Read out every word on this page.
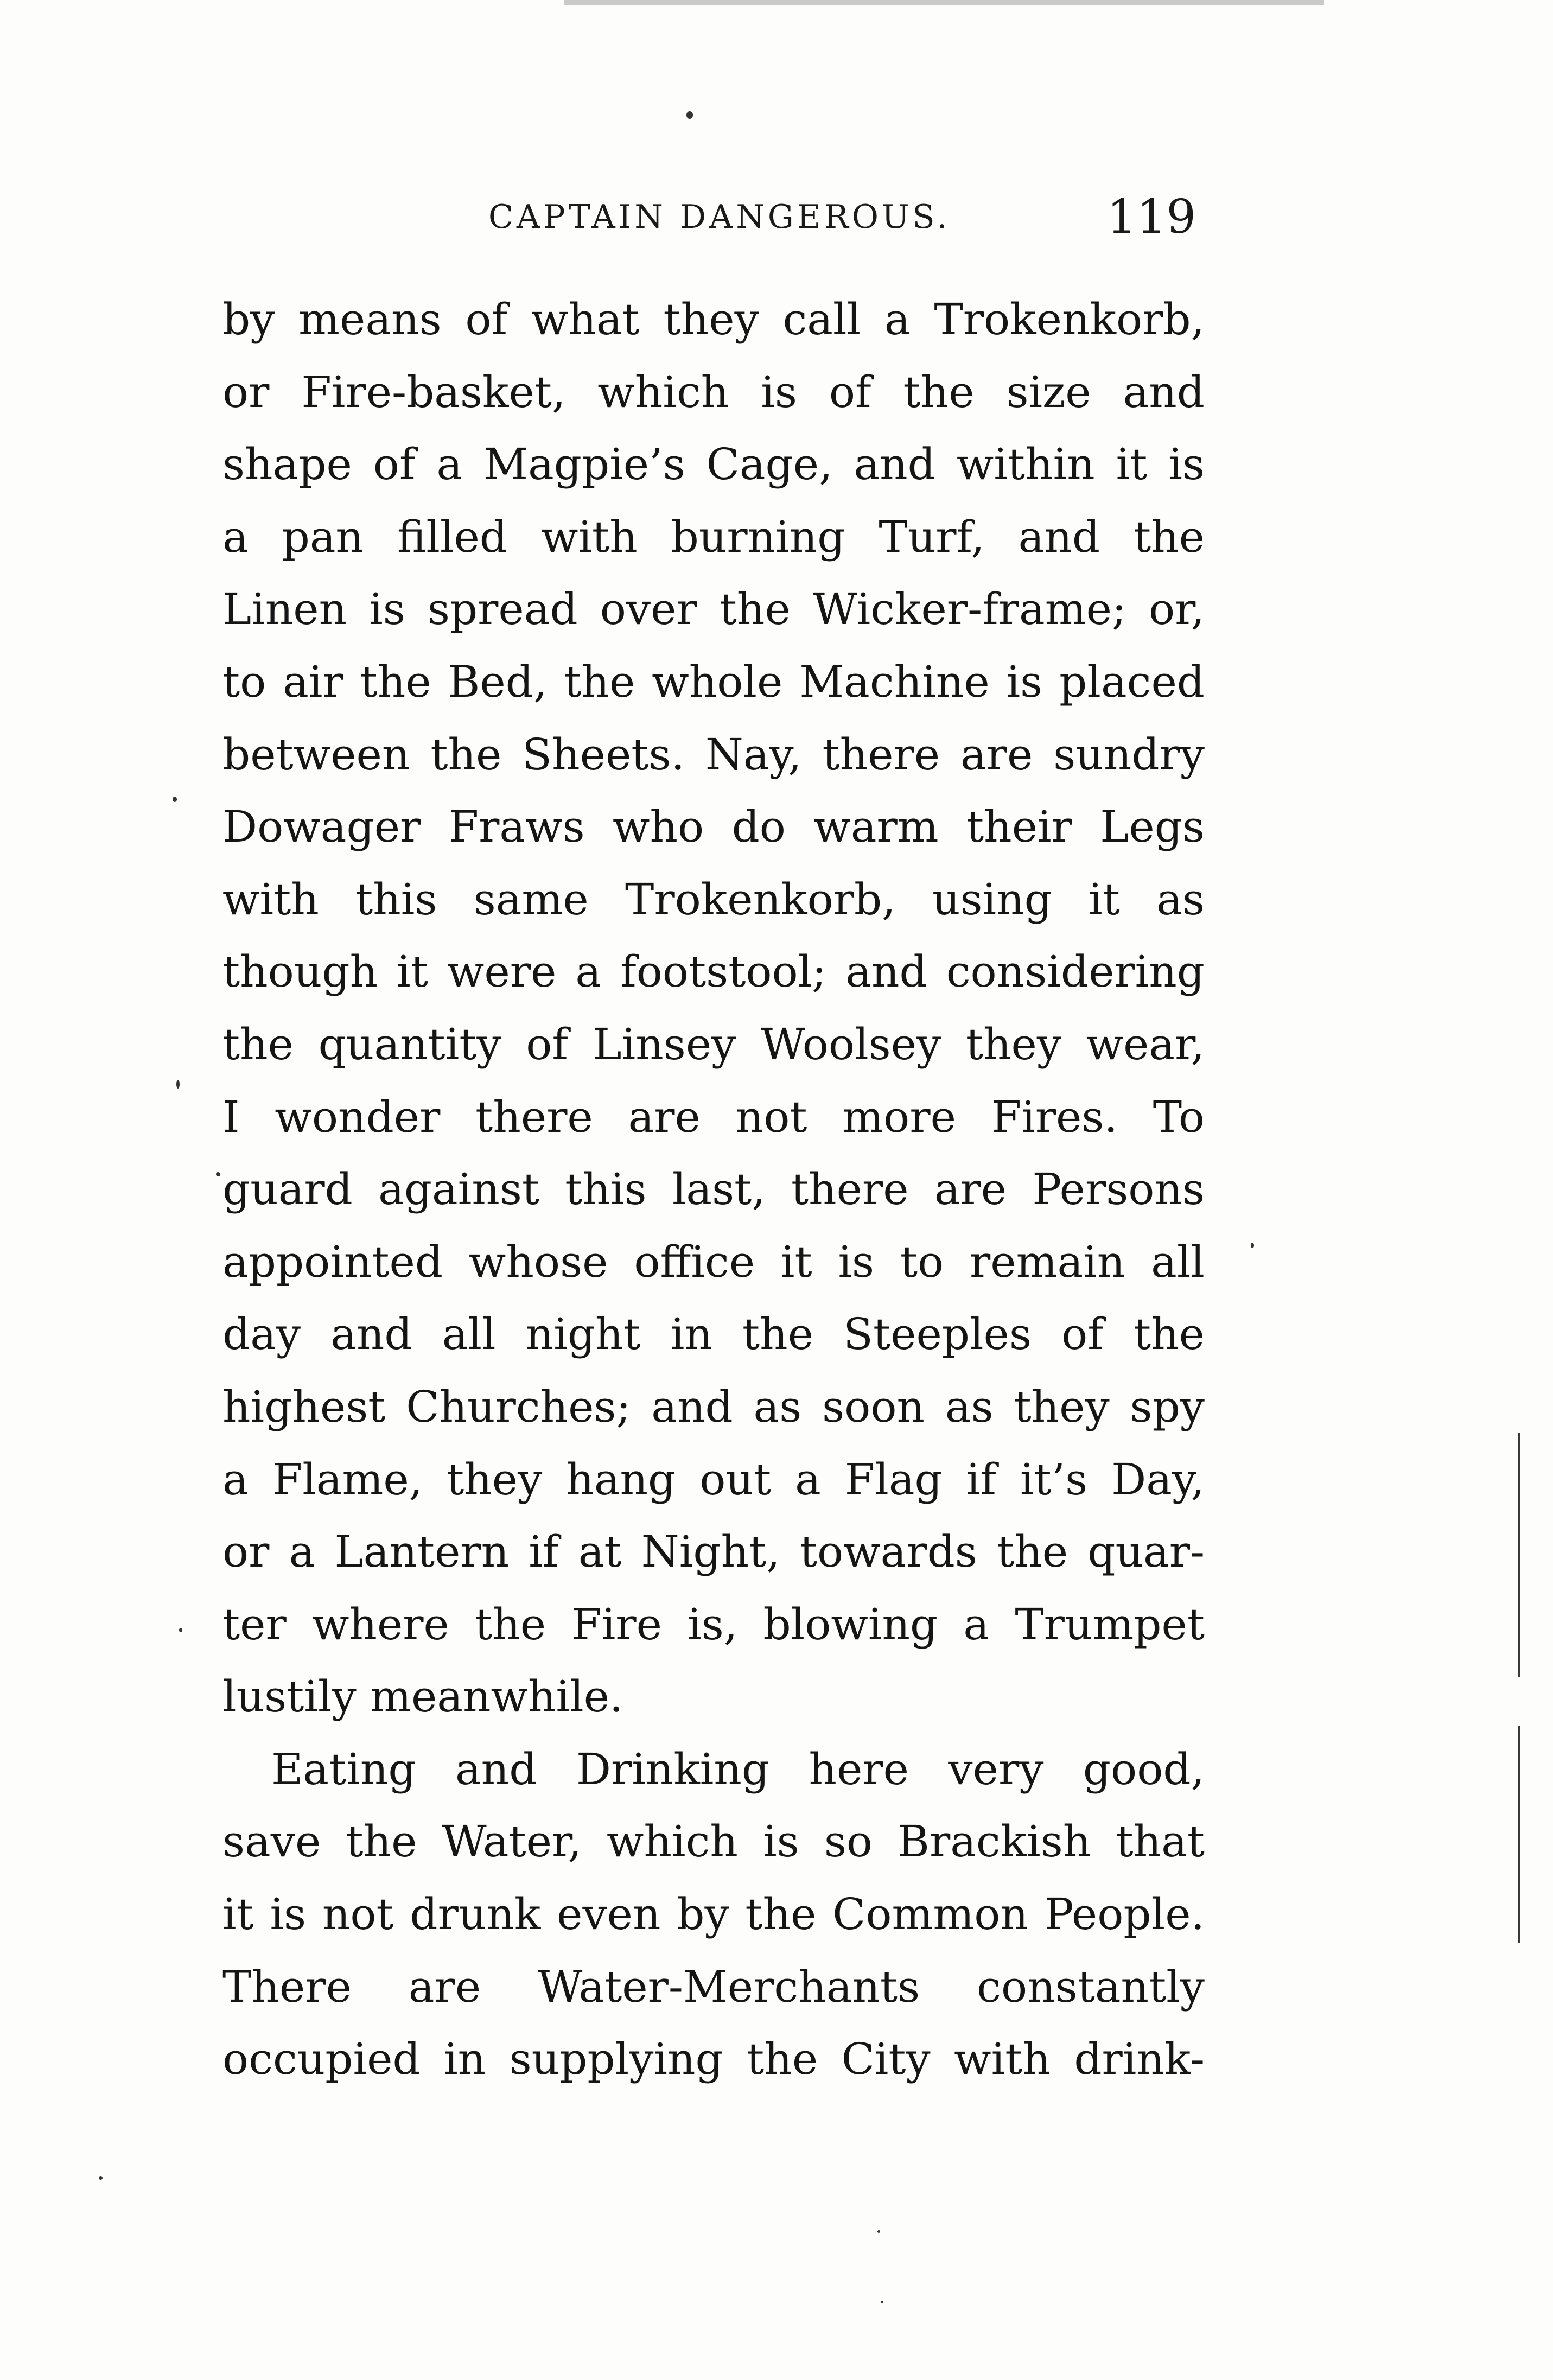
CAPTAIN DANGEROUS.	119
by means of what they call a Trokenkorb,
or Fire-basket, which is of the size and
shape of a Magpie’s Cage, and within it is
a pan filled with burning Turf, and the
Linen is spread over the Wicker-frame; or,
to air the Bed, the whole Machine is placed
between the Sheets. Nay, there are sundry
Dowager Fraws who do warm their Legs
with this same Trokenkorb, using it as
though it were a footstool; and considering
the quantity of Linsey Woolsey they wear,
I wonder there are not more Fires. To
guard against this last, there are Persons
appointed whose office it is to remain all
day and all night in the Steeples of the
highest Churches; and as soon as they spy
a Flame, they hang out a Flag if it’s Day,
or a Lantern if at Night, towards the quar-
ter where the Fire is, blowing a Trumpet
lustily meanwhile.
Eating and Drinking here very good,
save the Water, which is so Brackish that
it is not drunk even by the Common People.
There are Water-Merchants constantly
occupied in supplying the City with drink-
